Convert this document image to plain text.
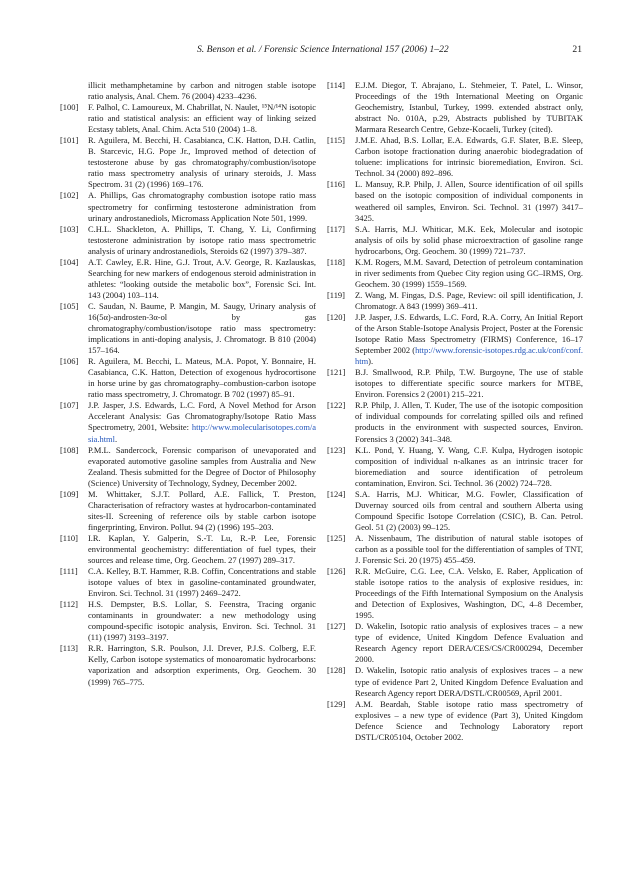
S. Benson et al. / Forensic Science International 157 (2006) 1–22	21

illicit methamphetamine by carbon and nitrogen stable isotope ratio analysis, Anal. Chem. 76 (2004) 4233–4236.

[100] F. Palhol, C. Lamoureux, M. Chabrillat, N. Naulet, ¹⁵N/¹⁴N isotopic ratio and statistical analysis: an efficient way of linking seized Ecstasy tablets, Anal. Chim. Acta 510 (2004) 1–8.

[101] R. Aguilera, M. Becchi, H. Casabianca, C.K. Hatton, D.H. Catlin, B. Starcevic, H.G. Pope Jr., Improved method of detection of testosterone abuse by gas chromatography/combustion/isotope ratio mass spectrometry analysis of urinary steroids, J. Mass Spectrom. 31 (2) (1996) 169–176.

[102] A. Phillips, Gas chromatography combustion isotope ratio mass spectrometry for confirming testosterone administration from urinary androstanediols, Micromass Application Note 501, 1999.

[103] C.H.L. Shackleton, A. Phillips, T. Chang, Y. Li, Confirming testosterone administration by isotope ratio mass spectrometric analysis of urinary androstanediols, Steroids 62 (1997) 379–387.

[104] A.T. Cawley, E.R. Hine, G.J. Trout, A.V. George, R. Kazlauskas, Searching for new markers of endogenous steroid administration in athletes: “looking outside the metabolic box”, Forensic Sci. Int. 143 (2004) 103–114.

[105] C. Saudan, N. Baume, P. Mangin, M. Saugy, Urinary analysis of 16(5α)-androsten-3α-ol by gas chromatography/combustion/isotope ratio mass spectrometry: implications in anti-doping analysis, J. Chromatogr. B 810 (2004) 157–164.

[106] R. Aguilera, M. Becchi, L. Mateus, M.A. Popot, Y. Bonnaire, H. Casabianca, C.K. Hatton, Detection of exogenous hydrocortisone in horse urine by gas chromatography–combustion-carbon isotope ratio mass spectrometry, J. Chromatogr. B 702 (1997) 85–91.

[107] J.P. Jasper, J.S. Edwards, L.C. Ford, A Novel Method for Arson Accelerant Analysis: Gas Chromatography/Isotope Ratio Mass Spectrometry, 2001, Website: http://www.molecularisotopes.com/asia.html.

[108] P.M.L. Sandercock, Forensic comparison of unevaporated and evaporated automotive gasoline samples from Australia and New Zealand. Thesis submitted for the Degree of Doctor of Philosophy (Science) University of Technology, Sydney, December 2002.

[109] M. Whittaker, S.J.T. Pollard, A.E. Fallick, T. Preston, Characterisation of refractory wastes at hydrocarbon-contaminated sites-II. Screening of reference oils by stable carbon isotope fingerprinting, Environ. Pollut. 94 (2) (1996) 195–203.

[110] I.R. Kaplan, Y. Galperin, S.-T. Lu, R.-P. Lee, Forensic environmental geochemistry: differentiation of fuel types, their sources and release time, Org. Geochem. 27 (1997) 289–317.

[111] C.A. Kelley, B.T. Hammer, R.B. Coffin, Concentrations and stable isotope values of btex in gasoline-contaminated groundwater, Environ. Sci. Technol. 31 (1997) 2469–2472.

[112] H.S. Dempster, B.S. Lollar, S. Feenstra, Tracing organic contaminants in groundwater: a new methodology using compound-specific isotopic analysis, Environ. Sci. Technol. 31 (11) (1997) 3193–3197.

[113] R.R. Harrington, S.R. Poulson, J.I. Drever, P.J.S. Colberg, E.F. Kelly, Carbon isotope systematics of monoaromatic hydrocarbons: vaporization and adsorption experiments, Org. Geochem. 30 (1999) 765–775.

[114] E.J.M. Diegor, T. Abrajano, L. Stehmeier, T. Patel, L. Winsor, Proceedings of the 19th International Meeting on Organic Geochemistry, Istanbul, Turkey, 1999. extended abstract only, abstract No. 010A, p.29, Abstracts published by TUBITAK Marmara Research Centre, Gebze-Kocaeli, Turkey (cited).

[115] J.M.E. Ahad, B.S. Lollar, E.A. Edwards, G.F. Slater, B.E. Sleep, Carbon isotope fractionation during anaerobic biodegradation of toluene: implications for intrinsic bioremediation, Environ. Sci. Technol. 34 (2000) 892–896.

[116] L. Mansuy, R.P. Philp, J. Allen, Source identification of oil spills based on the isotopic composition of individual components in weathered oil samples, Environ. Sci. Technol. 31 (1997) 3417–3425.

[117] S.A. Harris, M.J. Whiticar, M.K. Eek, Molecular and isotopic analysis of oils by solid phase microextraction of gasoline range hydrocarbons, Org. Geochem. 30 (1999) 721–737.

[118] K.M. Rogers, M.M. Savard, Detection of petroleum contamination in river sediments from Quebec City region using GC–IRMS, Org. Geochem. 30 (1999) 1559–1569.

[119] Z. Wang, M. Fingas, D.S. Page, Review: oil spill identification, J. Chromatogr. A 843 (1999) 369–411.

[120] J.P. Jasper, J.S. Edwards, L.C. Ford, R.A. Corry, An Initial Report of the Arson Stable-Isotope Analysis Project, Poster at the Forensic Isotope Ratio Mass Spectrometry (FIRMS) Conference, 16–17 September 2002 (http://www.forensic-isotopes.rdg.ac.uk/conf/conf.htm).

[121] B.J. Smallwood, R.P. Philp, T.W. Burgoyne, The use of stable isotopes to differentiate specific source markers for MTBE, Environ. Forensics 2 (2001) 215–221.

[122] R.P. Philp, J. Allen, T. Kuder, The use of the isotopic composition of individual compounds for correlating spilled oils and refined products in the environment with suspected sources, Environ. Forensics 3 (2002) 341–348.

[123] K.L. Pond, Y. Huang, Y. Wang, C.F. Kulpa, Hydrogen isotopic composition of individual n-alkanes as an intrinsic tracer for bioremediation and source identification of petroleum contamination, Environ. Sci. Technol. 36 (2002) 724–728.

[124] S.A. Harris, M.J. Whiticar, M.G. Fowler, Classification of Duvernay sourced oils from central and southern Alberta using Compound Specific Isotope Correlation (CSIC), B. Can. Petrol. Geol. 51 (2) (2003) 99–125.

[125] A. Nissenbaum, The distribution of natural stable isotopes of carbon as a possible tool for the differentiation of samples of TNT, J. Forensic Sci. 20 (1975) 455–459.

[126] R.R. McGuire, C.G. Lee, C.A. Velsko, E. Raber, Application of stable isotope ratios to the analysis of explosive residues, in: Proceedings of the Fifth International Symposium on the Analysis and Detection of Explosives, Washington, DC, 4–8 December, 1995.

[127] D. Wakelin, Isotopic ratio analysis of explosives traces – a new type of evidence, United Kingdom Defence Evaluation and Research Agency report DERA/CES/CS/CR000294, December 2000.

[128] D. Wakelin, Isotopic ratio analysis of explosives traces – a new type of evidence Part 2, United Kingdom Defence Evaluation and Research Agency report DERA/DSTL/CR00569, April 2001.

[129] A.M. Beardah, Stable isotope ratio mass spectrometry of explosives – a new type of evidence (Part 3), United Kingdom Defence Science and Technology Laboratory report DSTL/CR05104, October 2002.
